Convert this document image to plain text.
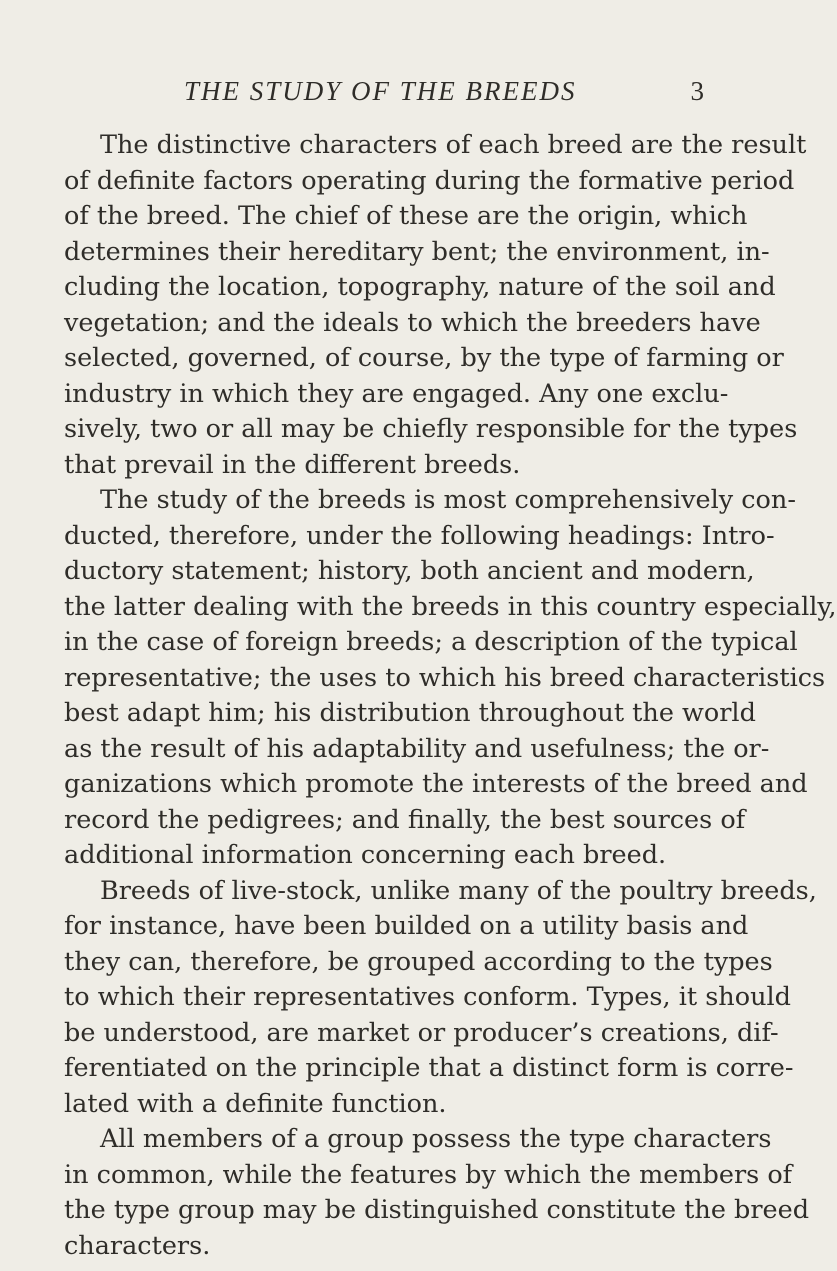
THE STUDY OF THE BREEDS	3
The distinctive characters of each breed are the result
of definite factors operating during the formative period
of the breed. The chief of these are the origin, which
determines their hereditary bent; the environment, in-
cluding the location, topography, nature of the soil and
vegetation; and the ideals to which the breeders have
selected, governed, of course, by the type of farming or
industry in which they are engaged. Any one exclu-
sively, two or all may be chiefly responsible for the types
that prevail in the different breeds.
The study of the breeds is most comprehensively con-
ducted, therefore, under the following headings: Intro-
ductory statement; history, both ancient and modern,
the latter dealing with the breeds in this country especially,
in the case of foreign breeds; a description of the typical
representative; the uses to which his breed characteristics
best adapt him; his distribution throughout the world
as the result of his adaptability and usefulness; the or-
ganizations which promote the interests of the breed and
record the pedigrees; and finally, the best sources of
additional information concerning each breed.
Breeds of live-stock, unlike many of the poultry breeds,
for instance, have been builded on a utility basis and
they can, therefore, be grouped according to the types
to which their representatives conform. Types, it should
be understood, are market or producer’s creations, dif-
ferentiated on the principle that a distinct form is corre-
lated with a definite function.
All members of a group possess the type characters
in common, while the features by which the members of
the type group may be distinguished constitute the breed
characters.
